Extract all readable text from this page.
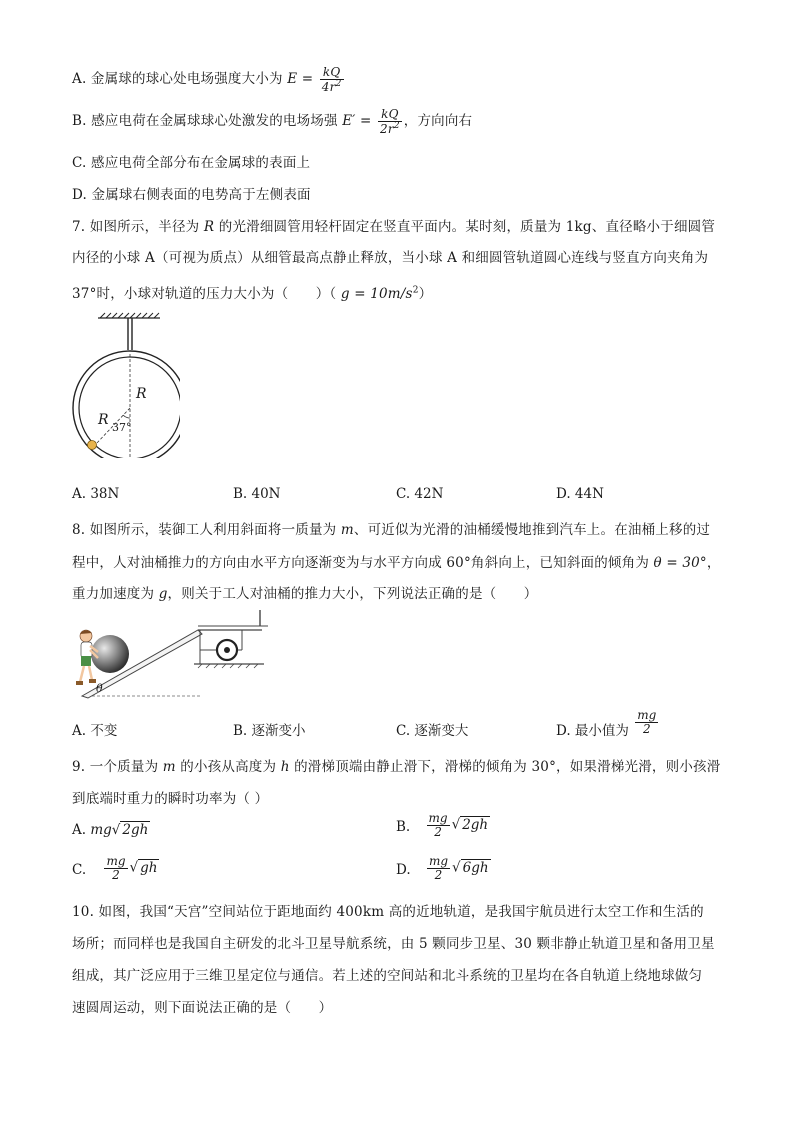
A. 金属球的球心处电场强度大小为 $E = \frac{kQ}{4r^2}$
B. 感应电荷在金属球球心处激发的电场场强 $E' = \frac{kQ}{2r^2}$ ，方向向右
C. 感应电荷全部分布在金属球的表面上
D. 金属球右侧表面的电势高于左侧表面
7. 如图所示，半径为 R 的光滑细圆管用轻杆固定在竖直平面内。某时刻，质量为 1kg、直径略小于细圆管
内径的小球 A（可视为质点）从细管最高点静止释放，当小球 A 和细圆管轨道圆心连线与竖直方向夹角为
37°时，小球对轨道的压力大小为（　　）（ $g = 10m/s^2$）
R
R 37°
A. 38N	B. 40N	C. 42N	D. 44N
8. 如图所示，装御工人利用斜面将一质量为 m、可近似为光滑的油桶缓慢地推到汽车上。在油桶上移的过
程中，人对油桶推力的方向由水平方向逐渐变为与水平方向成 60°角斜向上，已知斜面的倾角为 θ = 30°，
重力加速度为 g，则关于工人对油桶的推力大小，下列说法正确的是（　　）
θ
A. 不变	B. 逐渐变小	C. 逐渐变大	D. 最小值为 $\frac{mg}{2}$
9. 一个质量为 m 的小孩从高度为 h 的滑梯顶端由静止滑下，滑梯的倾角为 30°，如果滑梯光滑，则小孩滑
到底端时重力的瞬时功率为（ ）
A. mg√ 2gh	B. $\frac{mg}{2}$ √ 2gh
C. $\frac{mg}{2}$ √ gh	D. $\frac{mg}{2}$ √ 6gh
10. 如图，我国“天宫”空间站位于距地面约 400km 高的近地轨道，是我国宇航员进行太空工作和生活的
场所；而同样也是我国自主研发的北斗卫星导航系统，由 5 颗同步卫星、30 颗非静止轨道卫星和备用卫星
组成，其广泛应用于三维卫星定位与通信。若上述的空间站和北斗系统的卫星均在各自轨道上绕地球做匀
速圆周运动，则下面说法正确的是（　　）
